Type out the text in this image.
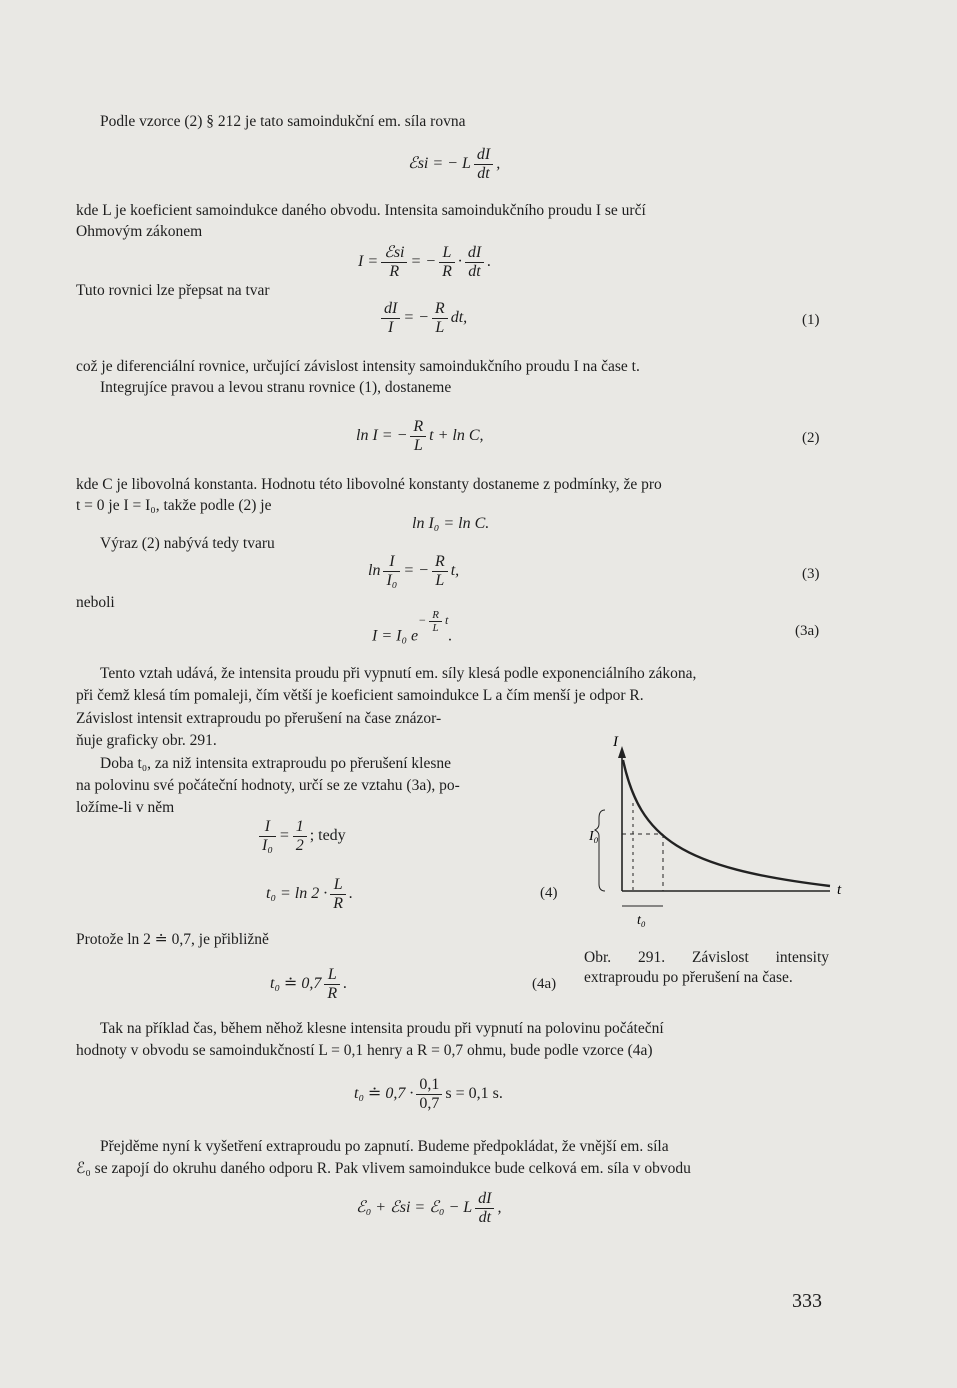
Podle vzorce (2) § 212 je tato samoindukční em. síla rovna
ℰsi = − L $\frac{dI}{dt}$ ,
kde L je koeficient samoindukce daného obvodu. Intensita samoindukčního proudu I se určí
Ohmovým zákonem
$I = \frac{\text{ℰsi}}{R}$ = − $\frac{L}{R} \cdot \frac{dI}{dt}$ .
Tuto rovnici lze přepsat na tvar
$\frac{dI}{I}$ = − $\frac{R}{L}$ dt,	(1)
což je diferenciální rovnice, určující závislost intensity samoindukčního proudu I na čase t.
Integrujíce pravou a levou stranu rovnice (1), dostaneme
ln I = − $\frac{R}{L}$ t + ln C,	(2)
kde C je libovolná konstanta. Hodnotu této libovolné konstanty dostaneme z podmínky, že pro
t = 0 je I = I₀, takže podle (2) je
ln I₀ = ln C.
Výraz (2) nabývá tedy tvaru
$\ln \frac{I}{\text{I₀}}$ = − $\frac{R}{L} t$,	(3)
neboli
I = I₀ $e^{- \frac{R}{L} t}$.	(3a)
Tento vztah udává, že intensita proudu při vypnutí em. síly klesá podle exponenciálního zákona,
při čemž klesá tím pomaleji, čím větší je koeficient samoindukce L a čím menší je odpor R.
Závislost intensit extraproudu po přerušení na čase znázor-
ňuje graficky obr. 291.
Doba t₀, za niž intensita extraproudu po přerušení klesne
na polovinu své počáteční hodnoty, určí se ze vztahu (3a), po-
ložíme-li v něm
$\frac{I}{\text{I₀}} = \frac{1}{2}$ ; tedy
$t_0 = \ln 2 \cdot \frac{L}{R}$ .	(4)
Protože ln 2 ≐ 0,7, je přibližně
t₀ ≐ $0,7 \frac{L}{R}$ .	(4a)
I
I₀
t
t₀
Obr. 291. Závislost intensity extraproudu po přerušení na čase.
Tak na příklad čas, během něhož klesne intensita proudu při vypnutí na polovinu počáteční
hodnoty v obvodu se samoindukčností L = 0,1 henry a R = 0,7 ohmu, bude podle vzorce (4a)
t₀ ≐ $0,7 \cdot \frac{0,1}{0,7}$ s = 0,1 s.
Přejděme nyní k vyšetření extraproudu po zapnutí. Budeme předpokládat, že vnější em. síla
ℰ₀ se zapojí do okruhu daného odporu R. Pak vlivem samoindukce bude celková em. síla v obvodu
ℰ₀ + ℰsi = ℰ₀ − L $\frac{dI}{dt}$ ,
333
